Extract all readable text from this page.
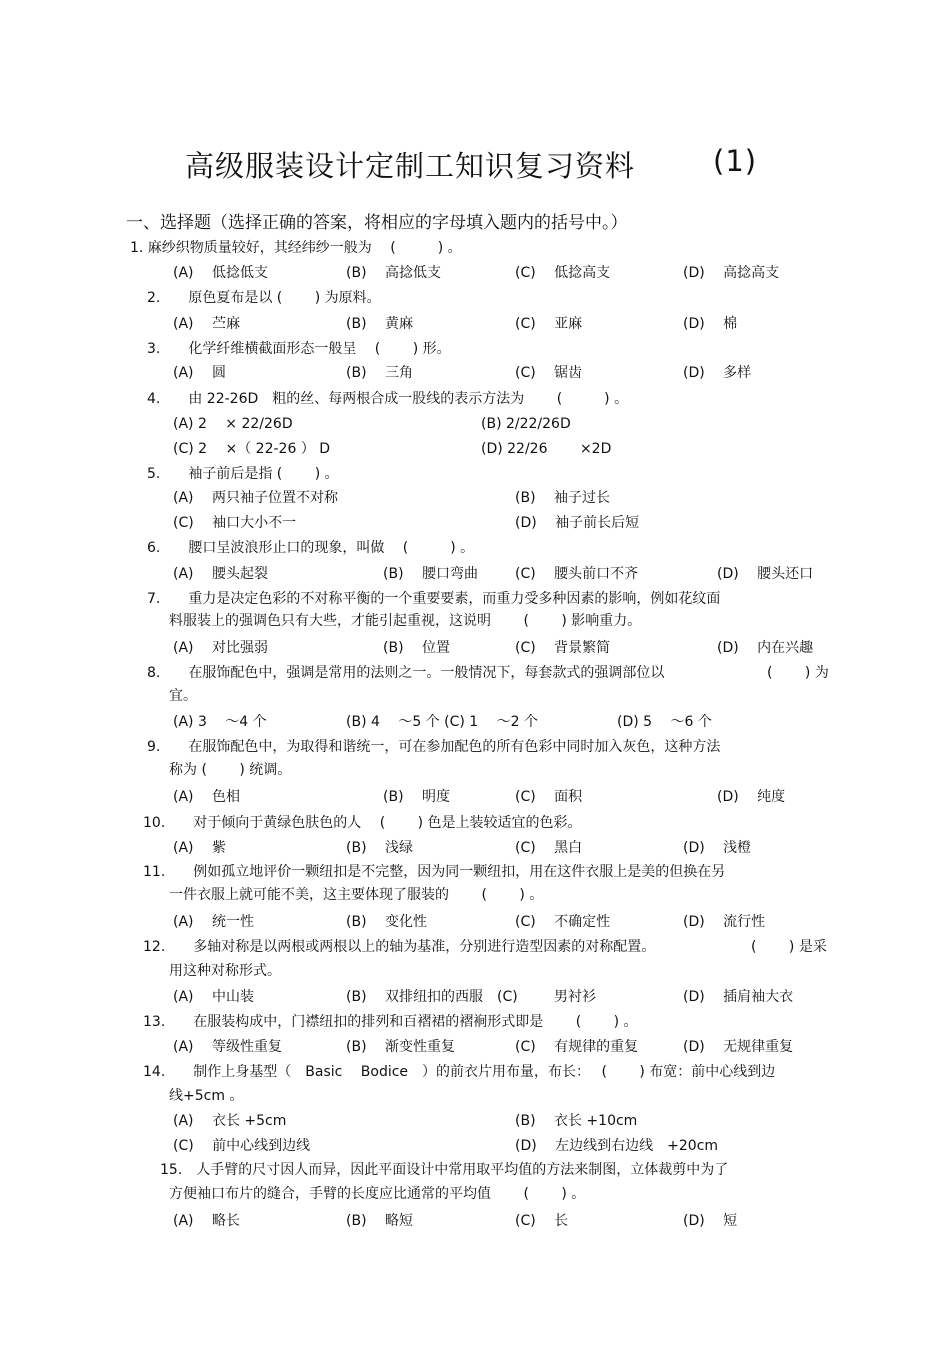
高级服装设计定制工知识复习资料	(1)
一、选择题（选择正确的答案，将相应的字母填入题内的括号中。）
1. 麻纱织物质量较好，其经纬纱一般为　 (　　　) 。
(A)　 低捻低支	(B)　 高捻低支	(C)　 低捻高支	(D)　 高捻高支
2.　　原色夏布是以 (　　 ) 为原料。
(A)　 苎麻	(B)　 黄麻	(C)　 亚麻	(D)　 棉
3.　　化学纤维横截面形态一般呈　 (　　 ) 形。
(A)　 圆	(B)　 三角	(C)　 锯齿	(D)　 多样
4.　　由 22-26D　粗的丝、每两根合成一股线的表示方法为　　 (　　　) 。
(A) 2　 × 22/26D	(B) 2/22/26D
(C) 2　 ×（ 22-26 ） D	(D) 22/26　　 ×2D
5.　　袖子前后是指 (　　 ) 。
(A)　 两只袖子位置不对称	(B)　 袖子过长
(C)　 袖口大小不一	(D)　 袖子前长后短
6.　　腰口呈波浪形止口的现象，叫做　 (　　　) 。
(A)　 腰头起裂	(B)　 腰口弯曲	(C)　 腰头前口不齐	(D)　 腰头还口
7.　　重力是决定色彩的不对称平衡的一个重要要素，而重力受多种因素的影响，例如花纹面
料服装上的强调色只有大些，才能引起重视，这说明　　 (　　 ) 影响重力。
(A)　 对比强弱	(B)　 位置	(C)　 背景繁简	(D)　 内在兴趣
8.　　在服饰配色中，强调是常用的法则之一。一般情况下，每套款式的强调部位以	(　　 ) 为
宜。
(A) 3　 ～4 个	(B) 4　 ～5 个 (C) 1　 ～2 个	(D) 5　 ～6 个
9.　　在服饰配色中，为取得和谐统一，可在参加配色的所有色彩中同时加入灰色，这种方法
称为 (　　 ) 统调。
(A)　 色相	(B)　 明度	(C)　 面积	(D)　 纯度
10.　　对于倾向于黄绿色肤色的人　 (　　 ) 色是上装较适宜的色彩。
(A)　 紫	(B)　 浅绿	(C)　 黑白	(D)　 浅橙
11.　　例如孤立地评价一颗纽扣是不完整，因为同一颗纽扣，用在这件衣服上是美的但换在另
一件衣服上就可能不美，这主要体现了服装的　　 (　　 ) 。
(A)　 统一性	(B)　 变化性	(C)　 不确定性	(D)　 流行性
12.　　多轴对称是以两根或两根以上的轴为基准，分别进行造型因素的对称配置。	(　　 ) 是采
用这种对称形式。
(A)　 中山装	(B)　 双排纽扣的西服　(C)	男衬衫	(D)　 插肩袖大衣
13.　　在服装构成中，门襟纽扣的排列和百褶裙的褶裥形式即是　　 (　　 ) 。
(A)　 等级性重复	(B)　 渐变性重复	(C)　 有规律的重复	(D)　 无规律重复
14.　　制作上身基型（　Basic　 Bodice　）的前衣片用布量，布长：　 (　　 ) 布宽：前中心线到边
线+5cm 。
(A)　 衣长 +5cm	(B)　 衣长 +10cm
(C)　 前中心线到边线	(D)　 左边线到右边线　+20cm
15.　人手臂的尺寸因人而异，因此平面设计中常用取平均值的方法来制图，立体裁剪中为了
方便袖口布片的缝合，手臂的长度应比通常的平均值　　 (　　 ) 。
(A)　 略长	(B)　 略短	(C)　 长	(D)　 短
